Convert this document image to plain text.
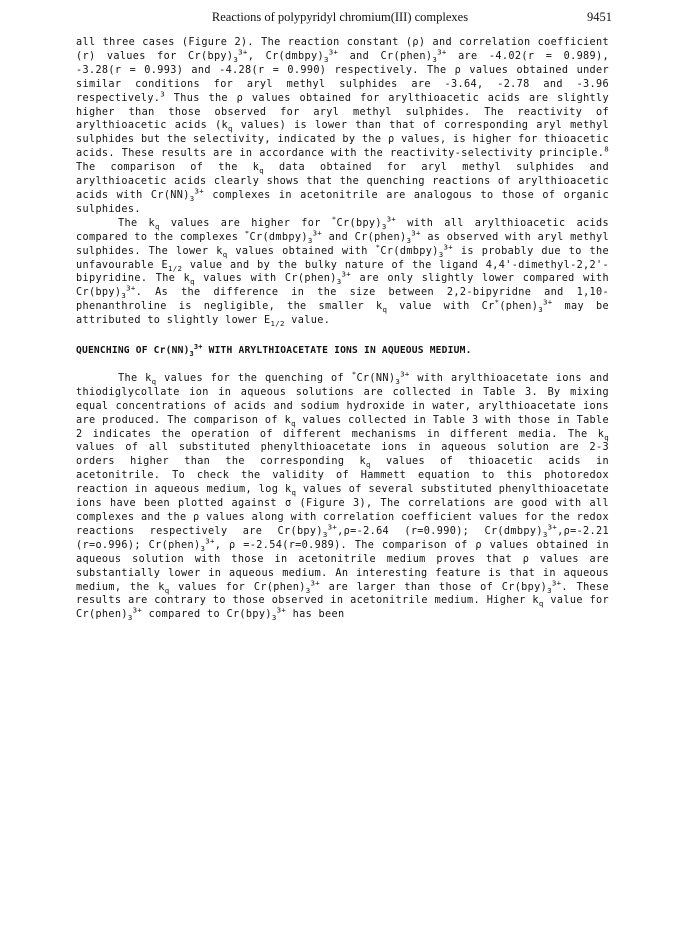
Reactions of polypyridyl chromium(III) complexes	9451

all three cases (Figure 2). The reaction constant (ρ) and correlation coefficient (r) values for $Cr(bpy)_3^{3+}$, $Cr(dmbpy)_3^{3+}$ and $Cr(phen)_3^{3+}$ are -4.02(r = 0.989), -3.28(r = 0.993) and -4.28(r = 0.990) respectively. The ρ values obtained under similar conditions for aryl methyl sulphides are -3.64, -2.78 and -3.96 respectively.$^3$ Thus the ρ values obtained for arylthioacetic acids are slightly higher than those observed for aryl methyl sulphides. The reactivity of arylthioacetic acids ($k_q$ values) is lower than that of corresponding aryl methyl sulphides but the selectivity, indicated by the ρ values, is higher for thioacetic acids. These results are in accordance with the reactivity-selectivity principle.$^8$ The comparison of the $k_q$ data obtained for aryl methyl sulphides and arylthioacetic acids clearly shows that the quenching reactions of arylthioacetic acids with $Cr(NN)_3^{3+}$ complexes in acetonitrile are analogous to those of organic sulphides.

The $k_q$ values are higher for $^*Cr(bpy)_3^{3+}$ with all arylthioacetic acids compared to the complexes $^*Cr(dmbpy)_3^{3+}$ and $Cr(phen)_3^{3+}$ as observed with aryl methyl sulphides. The lower $k_q$ values obtained with $^*Cr(dmbpy)_3^{3+}$ is probably due to the unfavourable $E_{1/2}$ value and by the bulky nature of the ligand 4,4'-dimethyl-2,2'-bipyridine. The $k_q$ values with $Cr(phen)_3^{3+}$ are only slightly lower compared with $Cr(bpy)_3^{3+}$. As the difference in the size between 2,2-bipyridne and 1,10-phenanthroline is negligible, the smaller $k_q$ value with $Cr^*(phen)_3^{3+}$ may be attributed to slightly lower $E_{1/2}$ value.

QUENCHING OF $Cr(NN)_3^{3+}$ WITH ARYLTHIOACETATE IONS IN AQUEOUS MEDIUM.

The $k_q$ values for the quenching of $^*Cr(NN)_3^{3+}$ with arylthioacetate ions and thiodiglycollate ion in aqueous solutions are collected in Table 3. By mixing equal concentrations of acids and sodium hydroxide in water, arylthioacetate ions are produced. The comparison of $k_q$ values collected in Table 3 with those in Table 2 indicates the operation of different mechanisms in different media. The $k_q$ values of all substituted phenylthioacetate ions in aqueous solution are 2-3 orders higher than the corresponding $k_q$ values of thioacetic acids in acetonitrile. To check the validity of Hammett equation to this photoredox reaction in aqueous medium, $\log k_q$ values of several substituted phenylthioacetate ions have been plotted against σ (Figure 3), The correlations are good with all complexes and the ρ values along with correlation coefficient values for the redox reactions respectively are $Cr(bpy)_3^{3+},\rho=-2.64$ (r=0.990); $Cr(dmbpy)_3^{3+},\rho=-2.21$ (r=o.996); $Cr(phen)_3^{3+}$, ρ =-2.54(r=0.989). The comparison of ρ values obtained in aqueous solution with those in acetonitrile medium proves that ρ values are substantially lower in aqueous medium. An interesting feature is that in aqueous medium, the $k_q$ values for $Cr(phen)_3^{3+}$ are larger than those of $Cr(bpy)_3^{3+}$. These results are contrary to those observed in acetonitrile medium. Higher $k_q$ value for $Cr(phen)_3^{3+}$ compared to $Cr(bpy)_3^{3+}$ has been
